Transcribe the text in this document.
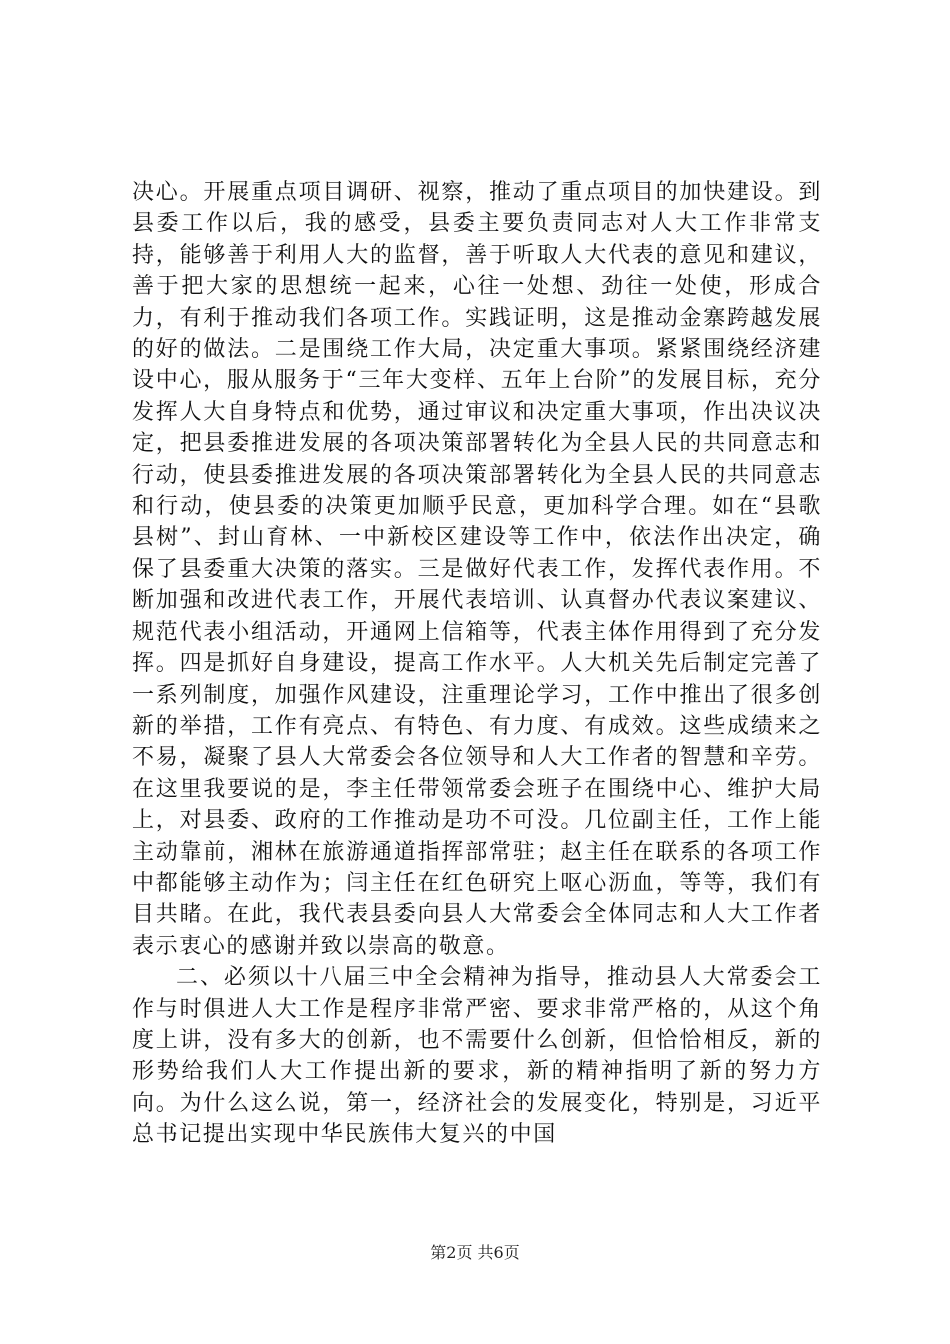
决心。开展重点项目调研、视察，推动了重点项目的加快建设。到县委工作以后，我的感受，县委主要负责同志对人大工作非常支持，能够善于利用人大的监督，善于听取人大代表的意见和建议，善于把大家的思想统一起来，心往一处想、劲往一处使，形成合力，有利于推动我们各项工作。实践证明，这是推动金寨跨越发展的好的做法。二是围绕工作大局，决定重大事项。紧紧围绕经济建设中心，服从服务于“三年大变样、五年上台阶”的发展目标，充分发挥人大自身特点和优势，通过审议和决定重大事项，作出决议决定，把县委推进发展的各项决策部署转化为全县人民的共同意志和行动，使县委推进发展的各项决策部署转化为全县人民的共同意志和行动，使县委的决策更加顺乎民意，更加科学合理。如在“县歌县树”、封山育林、一中新校区建设等工作中，依法作出决定，确保了县委重大决策的落实。三是做好代表工作，发挥代表作用。不断加强和改进代表工作，开展代表培训、认真督办代表议案建议、规范代表小组活动，开通网上信箱等，代表主体作用得到了充分发挥。四是抓好自身建设，提高工作水平。人大机关先后制定完善了一系列制度，加强作风建设，注重理论学习，工作中推出了很多创新的举措，工作有亮点、有特色、有力度、有成效。这些成绩来之不易，凝聚了县人大常委会各位领导和人大工作者的智慧和辛劳。在这里我要说的是，李主任带领常委会班子在围绕中心、维护大局上，对县委、政府的工作推动是功不可没。几位副主任，工作上能主动靠前，湘林在旅游通道指挥部常驻；赵主任在联系的各项工作中都能够主动作为；闫主任在红色研究上呕心沥血，等等，我们有目共睹。在此，我代表县委向县人大常委会全体同志和人大工作者表示衷心的感谢并致以崇高的敬意。

二、必须以十八届三中全会精神为指导，推动县人大常委会工作与时俱进人大工作是程序非常严密、要求非常严格的，从这个角度上讲，没有多大的创新，也不需要什么创新，但恰恰相反，新的形势给我们人大工作提出新的要求，新的精神指明了新的努力方向。为什么这么说，第一，经济社会的发展变化，特别是，习近平总书记提出实现中华民族伟大复兴的中国

第2页 共6页
